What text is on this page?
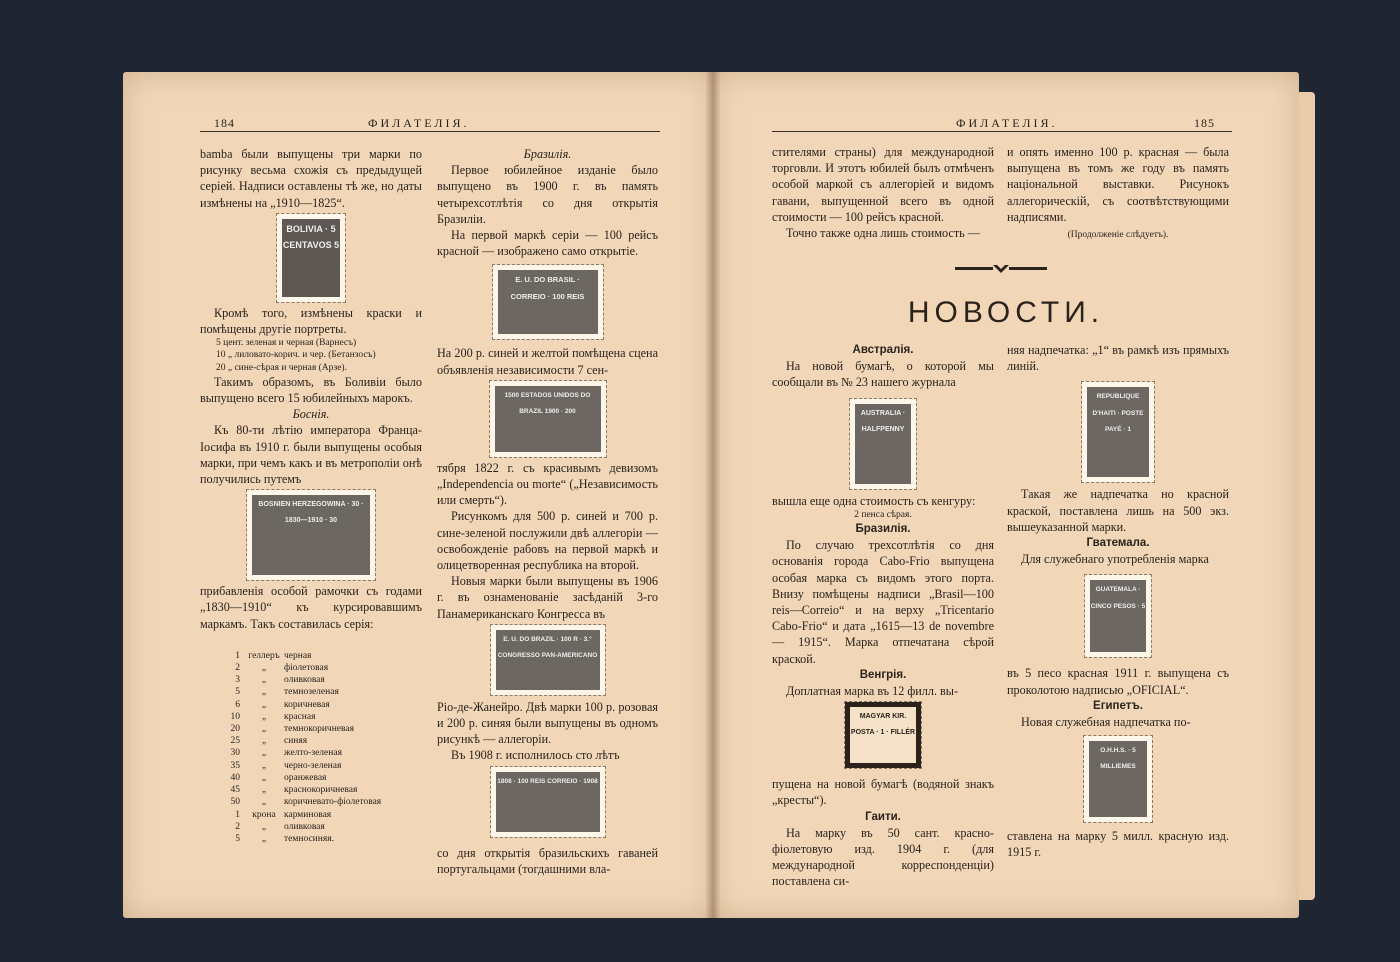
184	ФИЛАТЕЛIЯ.

bamba были выпущены три марки по рисунку весьма схожія съ предыдущей серіей. Надписи оставлены тѣ же, но даты измѣнены на „1910—1825“.

BOLIVIA · 5 CENTAVOS 5

Кромѣ того, измѣнены краски и помѣщены другіе портреты.

5 цент. зеленая и черная (Варнесъ)
10 „ лиловато-корич. и чер. (Бетанзосъ)
20 „ сине-сѣрая и черная (Арзе).

Такимъ образомъ, въ Боливіи было выпущено всего 15 юбилейныхъ марокъ.

Боснія.

Къ 80-ти лѣтію императора Франца-Іосифа въ 1910 г. были выпущены особыя марки, при чемъ какъ и въ метрополіи онѣ получились путемъ

BOSNIEN HERZEGOWINA · 30 · 1830—1910 · 30

прибавленія особой рамочки съ годами „1830—1910“ къ курсировавшимъ маркамъ. Такъ составилась серія:

1 геллеръ черная
2	„	фіолетовая
3	„	оливковая
5	„	темнозеленая
6	„	коричневая
10	„	красная
20	„	темнокоричневая
25	„	синяя
30	„	желто-зеленая
35	„	черно-зеленая
40	„	оранжевая
45	„	краснокоричневая
50	„	коричневато-фіолетовая
1	крона карминовая
2	„	оливковая
5	„	темносиняя.

Бразилія.

Первое юбилейное изданіе было выпущено въ 1900 г. въ память четырехсотлѣтія со дня открытія Бразиліи.

На первой маркѣ серіи — 100 рейсъ красной — изображено само открытіе.

E. U. DO BRASIL · CORREIO · 100 REIS

На 200 р. синей и желтой помѣщена сцена объявленія независимости 7 сен-

1500 ESTADOS UNIDOS DO BRAZIL 1900 · 200

тября 1822 г. съ красивымъ девизомъ „Independencia ou morte“ („Независимость или смерть“).

Рисункомъ для 500 р. синей и 700 р. сине-зеленой послужили двѣ аллегоріи — освобожденіе рабовъ на первой маркѣ и олицетворенная республика на второй.

Новыя марки были выпущены въ 1906 г. въ ознаменованіе засѣданій 3-го Панамериканскаго Конгресса въ

E. U. DO BRAZIL · 100 R · 3.° CONGRESSO PAN-AMERICANO

Ріо-де-Жанейро. Двѣ марки 100 р. розовая и 200 р. синяя были выпущены въ одномъ рисункѣ — аллегоріи.

Въ 1908 г. исполнилось сто лѣтъ

1808 · 100 REIS CORREIO · 1908

со дня открытія бразильскихъ гаваней португальцами (тогдашними вла-

ФИЛАТЕЛIЯ.	185

стителями страны) для международной торговли. И этотъ юбилей былъ отмѣченъ особой маркой съ аллегоріей и видомъ гавани, выпущенной всего въ одной стоимости — 100 рейсъ красной.

Точно также одна лишь стоимость —

и опять именно 100 р. красная — была выпущена въ томъ же году въ память національной выставки. Рисунокъ аллегорическій, съ соотвѣтствующими надписями.

(Продолженіе слѣдуетъ).

НОВОСТИ.

Австралія.

На новой бумагѣ, о которой мы сообщали въ № 23 нашего журнала

AUSTRALIA · HALFPENNY

вышла еще одна стоимость съ кенгуру:

2 пенса сѣрая.

Бразилія.

По случаю трехсотлѣтія со дня основанія города Cabo-Frio выпущена особая марка съ видомъ этого порта. Внизу помѣщены надписи „Brasil—100 reis—Correio“ и на верху „Tricentario Cabo-Frio“ и дата „1615—13 de novembre — 1915“. Марка отпечатана сѣрой краской.

Венгрія.

Доплатная марка въ 12 филл. вы-

MAGYAR KIR. POSTA · 1 · FILLÉR

пущена на новой бумагѣ (водяной знакъ „кресты“).

Гаити.

На марку въ 50 сант. красно-фіолетовую изд. 1904 г. (для международной корреспонденціи) поставлена си-

няя надпечатка: „1“ въ рамкѣ изъ прямыхъ линій.

REPUBLIQUE D'HAITI · POSTE PAYÉ · 1

Такая же надпечатка но красной краской, поставлена лишь на 500 экз. вышеуказанной марки.

Гватемала.

Для служебнаго употребленія марка

GUATEMALA · CINCO PESOS · 5

въ 5 песо красная 1911 г. выпущена съ проколотою надписью „OFICIAL“.

Египетъ.

Новая служебная надпечатка по-

O.H.H.S. · 5 MILLIEMES

ставлена на марку 5 милл. красную изд. 1915 г.
